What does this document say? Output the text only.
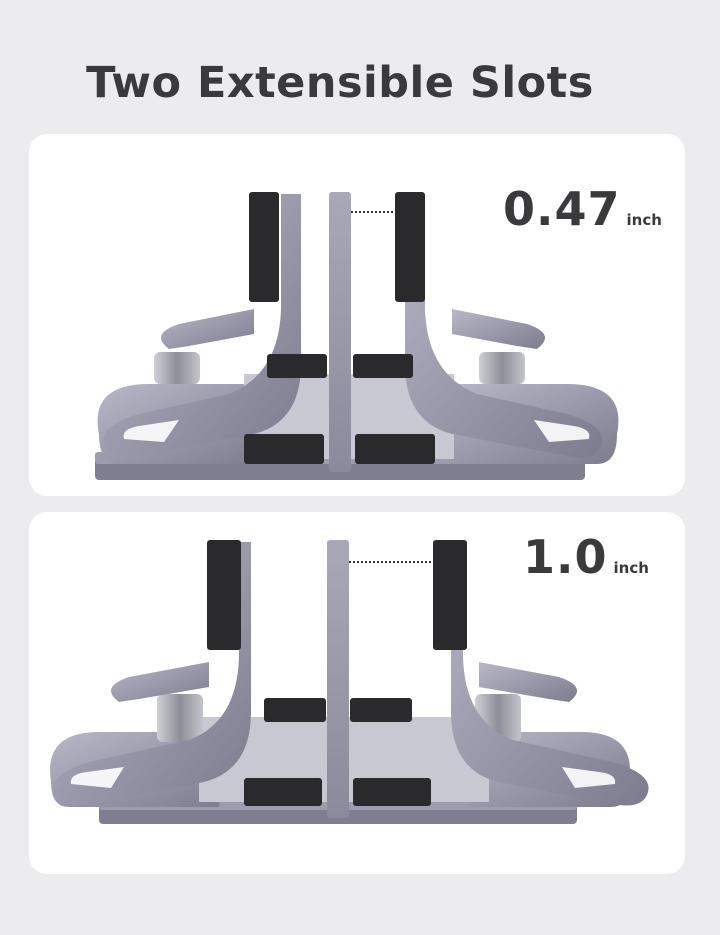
Two Extensible Slots
0.47 inch
1.0 inch
